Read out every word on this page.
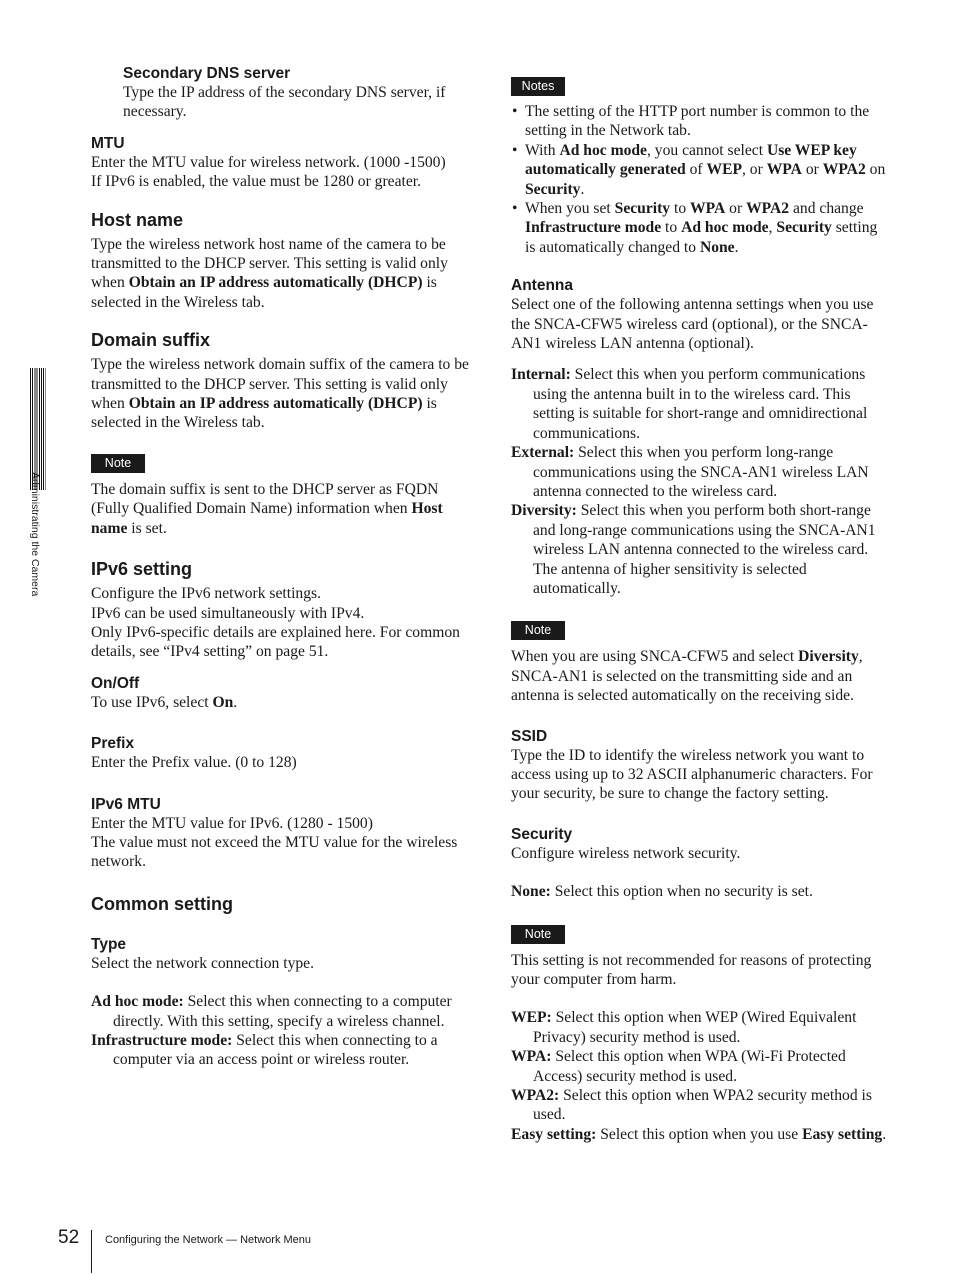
Administrating the Camera
Secondary DNS server

Type the IP address of the secondary DNS server, if necessary.

MTU

Enter the MTU value for wireless network. (1000 -1500)

If IPv6 is enabled, the value must be 1280 or greater.

Host name

Type the wireless network host name of the camera to be transmitted to the DHCP server. This setting is valid only when Obtain an IP address automatically (DHCP) is selected in the Wireless tab.

Domain suffix

Type the wireless network domain suffix of the camera to be transmitted to the DHCP server. This setting is valid only when Obtain an IP address automatically (DHCP) is selected in the Wireless tab.

Note

The domain suffix is sent to the DHCP server as FQDN (Fully Qualified Domain Name) information when Host name is set.

IPv6 setting

Configure the IPv6 network settings.

IPv6 can be used simultaneously with IPv4.

Only IPv6-specific details are explained here. For common details, see “IPv4 setting” on page 51.

On/Off

To use IPv6, select On.

Prefix

Enter the Prefix value. (0 to 128)

IPv6 MTU

Enter the MTU value for IPv6. (1280 - 1500)

The value must not exceed the MTU value for the wireless network.

Common setting
Type

Select the network connection type.

Ad hoc mode: Select this when connecting to a computer directly. With this setting, specify a wireless channel.

Infrastructure mode: Select this when connecting to a computer via an access point or wireless router.

Notes
• The setting of the HTTP port number is common to the setting in the Network tab.
• With Ad hoc mode, you cannot select Use WEP key automatically generated of WEP, or WPA or WPA2 on Security.
• When you set Security to WPA or WPA2 and change Infrastructure mode to Ad hoc mode, Security setting is automatically changed to None.
Antenna

Select one of the following antenna settings when you use the SNCA-CFW5 wireless card (optional), or the SNCA-AN1 wireless LAN antenna (optional).

Internal: Select this when you perform communications using the antenna built in to the wireless card. This setting is suitable for short-range and omnidirectional communications.

External: Select this when you perform long-range communications using the SNCA-AN1 wireless LAN antenna connected to the wireless card.

Diversity: Select this when you perform both short-range and long-range communications using the SNCA-AN1 wireless LAN antenna connected to the wireless card. The antenna of higher sensitivity is selected automatically.

Note

When you are using SNCA-CFW5 and select Diversity, SNCA-AN1 is selected on the transmitting side and an antenna is selected automatically on the receiving side.

SSID

Type the ID to identify the wireless network you want to access using up to 32 ASCII alphanumeric characters. For your security, be sure to change the factory setting.

Security

Configure wireless network security.

None: Select this option when no security is set.

Note

This setting is not recommended for reasons of protecting your computer from harm.

WEP: Select this option when WEP (Wired Equivalent Privacy) security method is used.

WPA: Select this option when WPA (Wi-Fi Protected Access) security method is used.

WPA2: Select this option when WPA2 security method is used.

Easy setting: Select this option when you use Easy setting.

52 Configuring the Network — Network Menu
